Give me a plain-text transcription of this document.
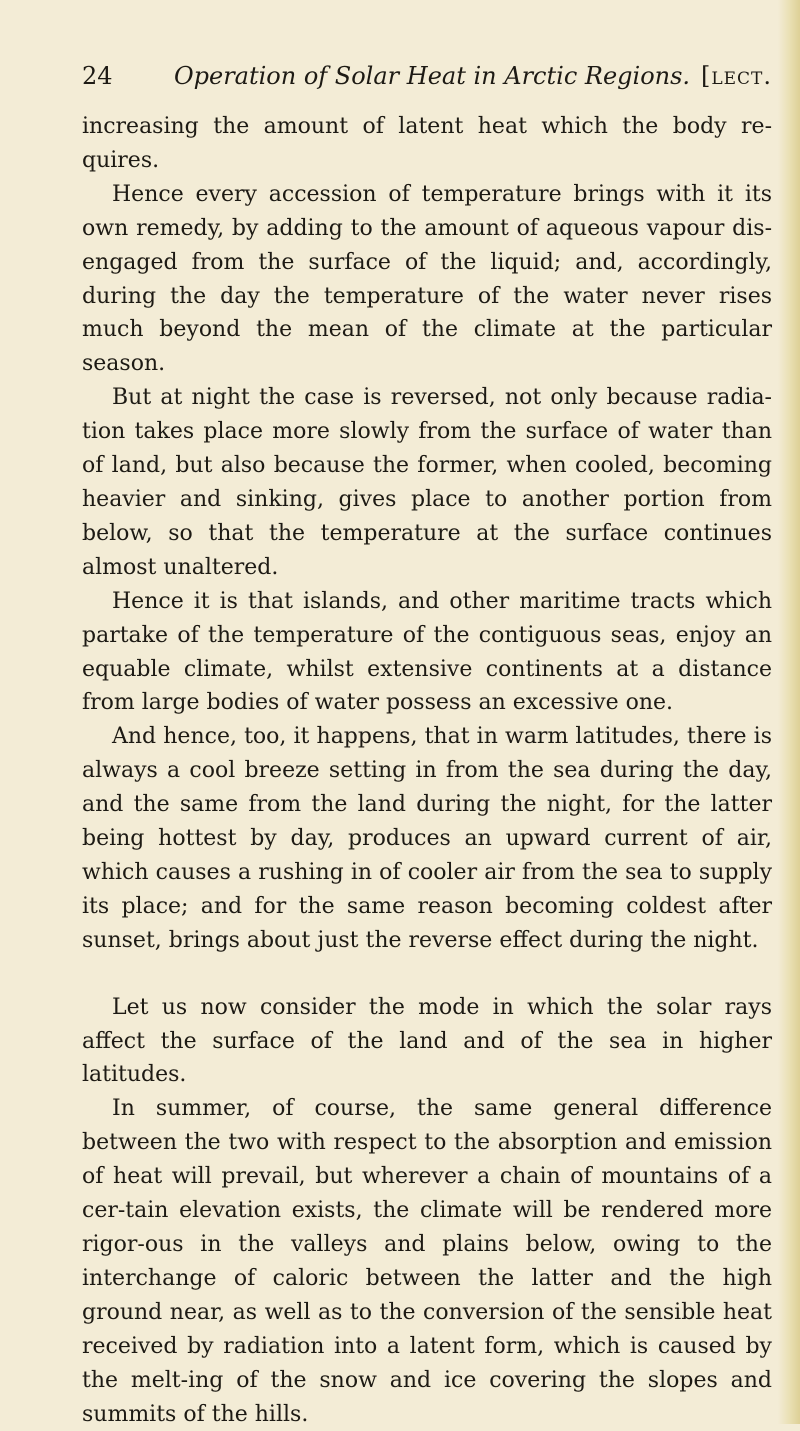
24	Operation of Solar Heat in Arctic Regions. [lect.

increasing the amount of latent heat which the body re-quires.

Hence every accession of temperature brings with it its own remedy, by adding to the amount of aqueous vapour dis-engaged from the surface of the liquid; and, accordingly, during the day the temperature of the water never rises much beyond the mean of the climate at the particular season.

But at night the case is reversed, not only because radia-tion takes place more slowly from the surface of water than of land, but also because the former, when cooled, becoming heavier and sinking, gives place to another portion from below, so that the temperature at the surface continues almost unaltered.

Hence it is that islands, and other maritime tracts which partake of the temperature of the contiguous seas, enjoy an equable climate, whilst extensive continents at a distance from large bodies of water possess an excessive one.

And hence, too, it happens, that in warm latitudes, there is always a cool breeze setting in from the sea during the day, and the same from the land during the night, for the latter being hottest by day, produces an upward current of air, which causes a rushing in of cooler air from the sea to supply its place; and for the same reason becoming coldest after sunset, brings about just the reverse effect during the night.

Let us now consider the mode in which the solar rays affect the surface of the land and of the sea in higher latitudes.

In summer, of course, the same general difference between the two with respect to the absorption and emission of heat will prevail, but wherever a chain of mountains of a cer-tain elevation exists, the climate will be rendered more rigor-ous in the valleys and plains below, owing to the interchange of caloric between the latter and the high ground near, as well as to the conversion of the sensible heat received by radiation into a latent form, which is caused by the melt-ing of the snow and ice covering the slopes and summits of the hills.
